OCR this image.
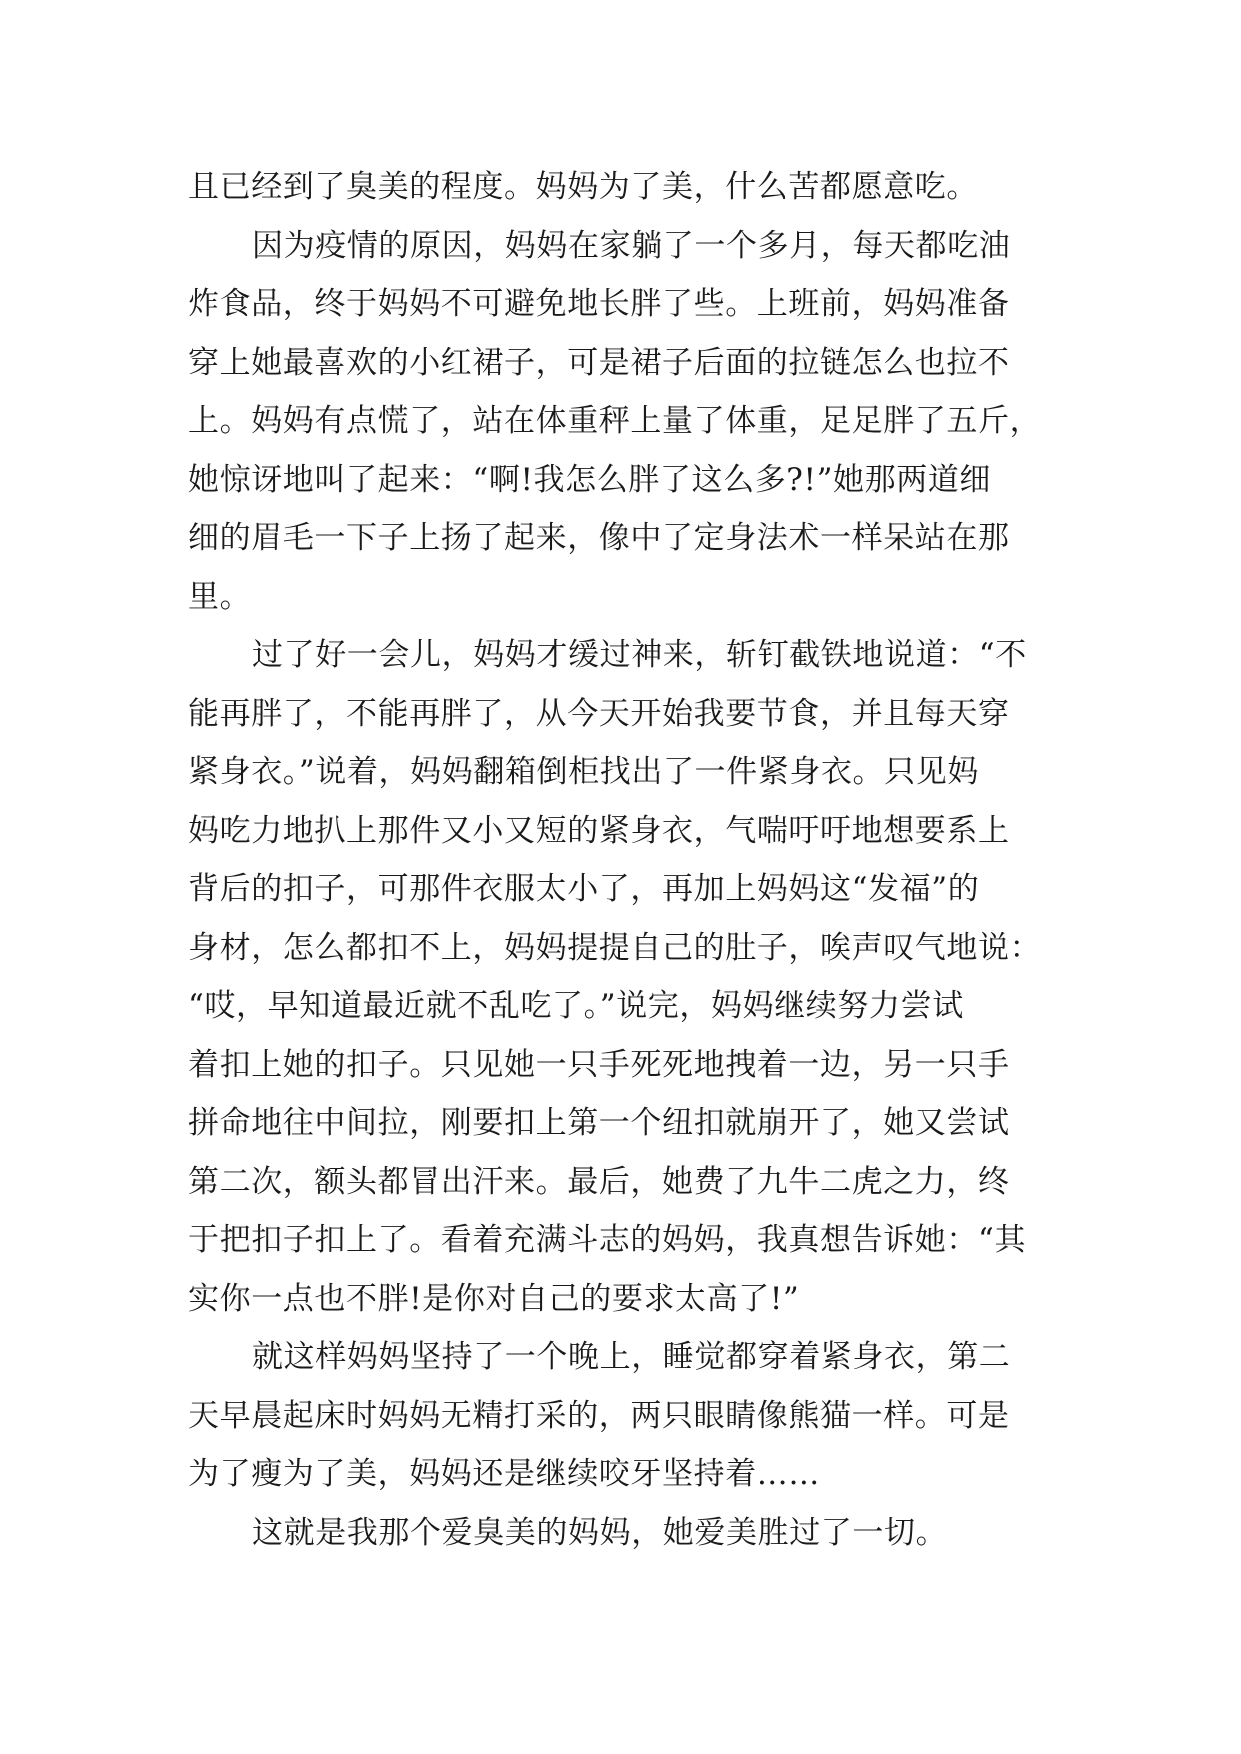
且已经到了臭美的程度。妈妈为了美，什么苦都愿意吃。
因为疫情的原因，妈妈在家躺了一个多月，每天都吃油
炸食品，终于妈妈不可避免地长胖了些。上班前，妈妈准备
穿上她最喜欢的小红裙子，可是裙子后面的拉链怎么也拉不
上。妈妈有点慌了，站在体重秤上量了体重，足足胖了五斤，
她惊讶地叫了起来：“啊!我怎么胖了这么多?!”她那两道细
细的眉毛一下子上扬了起来，像中了定身法术一样呆站在那
里。
过了好一会儿，妈妈才缓过神来，斩钉截铁地说道：“不
能再胖了，不能再胖了，从今天开始我要节食，并且每天穿
紧身衣。”说着，妈妈翻箱倒柜找出了一件紧身衣。只见妈
妈吃力地扒上那件又小又短的紧身衣，气喘吁吁地想要系上
背后的扣子，可那件衣服太小了，再加上妈妈这“发福”的
身材，怎么都扣不上，妈妈提提自己的肚子，唉声叹气地说：
“哎，早知道最近就不乱吃了。”说完，妈妈继续努力尝试
着扣上她的扣子。只见她一只手死死地拽着一边，另一只手
拼命地往中间拉，刚要扣上第一个纽扣就崩开了，她又尝试
第二次，额头都冒出汗来。最后，她费了九牛二虎之力，终
于把扣子扣上了。看着充满斗志的妈妈，我真想告诉她：“其
实你一点也不胖!是你对自己的要求太高了!”
就这样妈妈坚持了一个晚上，睡觉都穿着紧身衣，第二
天早晨起床时妈妈无精打采的，两只眼睛像熊猫一样。可是
为了瘦为了美，妈妈还是继续咬牙坚持着……
这就是我那个爱臭美的妈妈，她爱美胜过了一切。
